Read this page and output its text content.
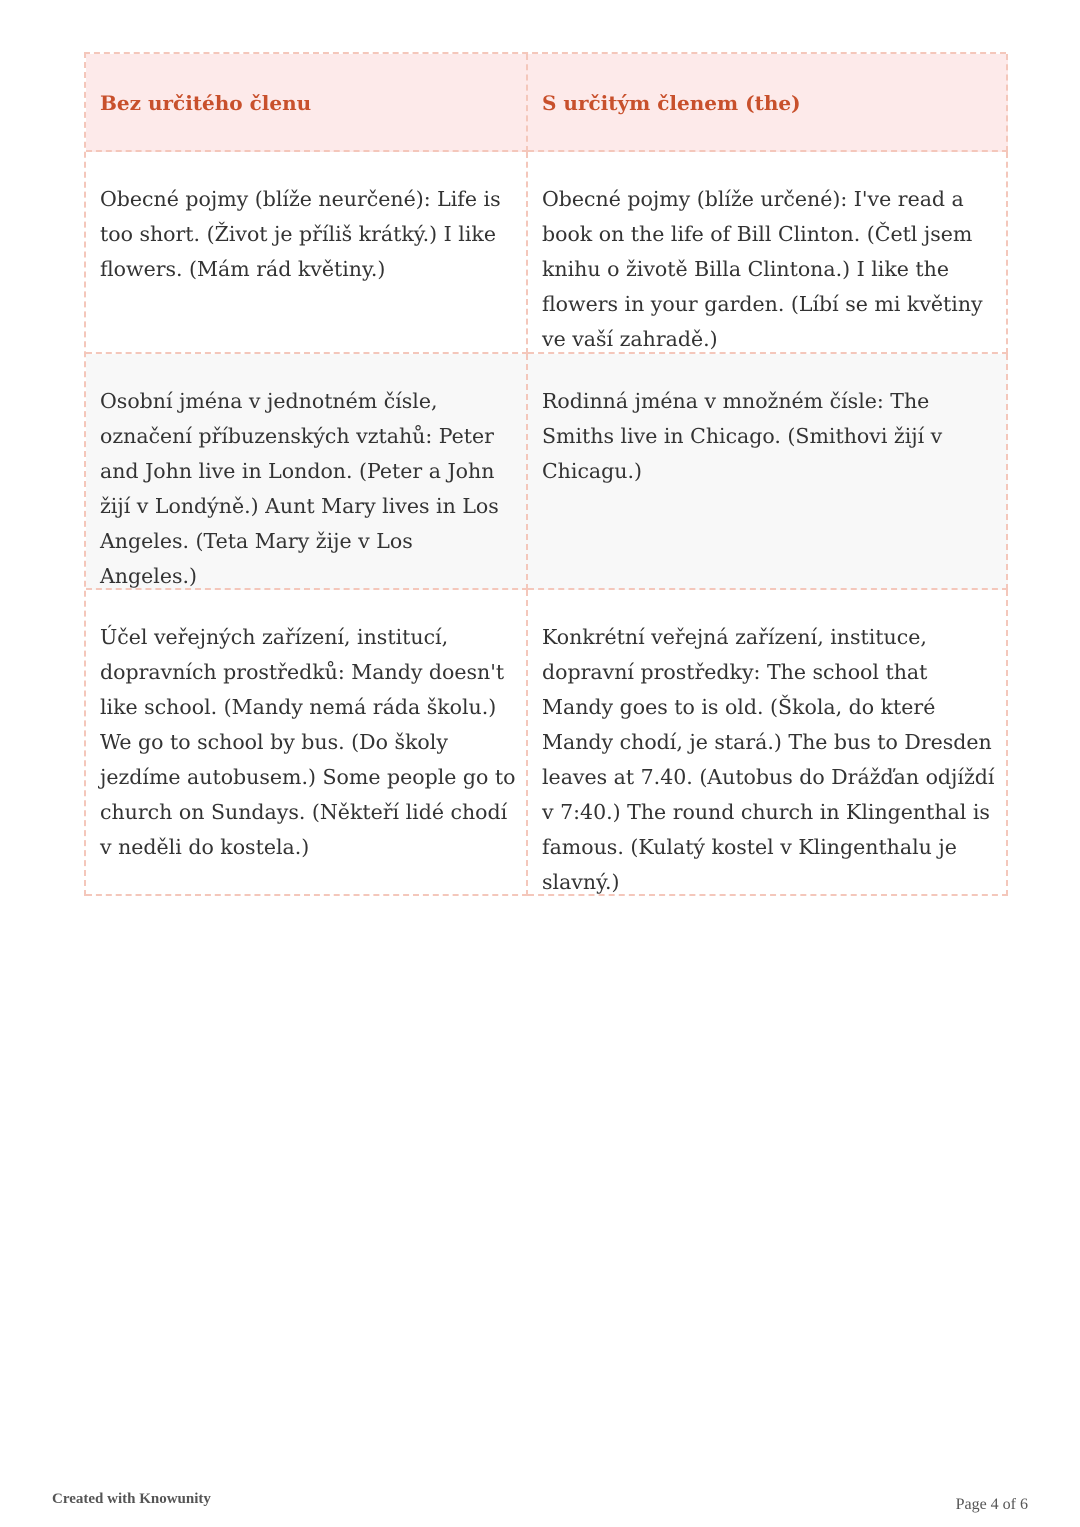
Bez určitého členu	S určitým členem (the)
Obecné pojmy (blíže neurčené): Life is too short. (Život je příliš krátký.) I like flowers. (Mám rád květiny.)
Obecné pojmy (blíže určené): I've read a book on the life of Bill Clinton. (Četl jsem knihu o životě Billa Clintona.) I like the flowers in your garden. (Líbí se mi květiny ve vaší zahradě.)
Osobní jména v jednotném čísle, označení příbuzenských vztahů: Peter and John live in London. (Peter a John žijí v Londýně.) Aunt Mary lives in Los Angeles. (Teta Mary žije v Los Angeles.)
Rodinná jména v množném čísle: The Smiths live in Chicago. (Smithovi žijí v Chicagu.)
Účel veřejných zařízení, institucí, dopravních prostředků: Mandy doesn't like school. (Mandy nemá ráda školu.) We go to school by bus. (Do školy jezdíme autobusem.) Some people go to church on Sundays. (Někteří lidé chodí v neděli do kostela.)
Konkrétní veřejná zařízení, instituce, dopravní prostředky: The school that Mandy goes to is old. (Škola, do které Mandy chodí, je stará.) The bus to Dresden leaves at 7.40. (Autobus do Drážďan odjíždí v 7:40.) The round church in Klingenthal is famous. (Kulatý kostel v Klingenthalu je slavný.)
Created with Knowunity	Page 4 of 6
